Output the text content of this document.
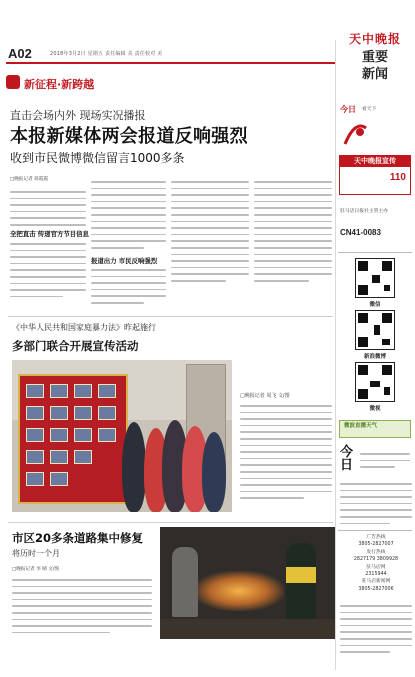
A02	2018年3月2日 星期五 责任编辑 美 责任校对 美
天中晚报
重要
新闻
新征程·新跨越
直击会场内外 现场实况播报
本报新媒体两会报道反响强烈
收到市民微博微信留言1000多条
□晚报记者 蒋霞霞
全把直击 传递官方节目信息
报道出力 市民反响强烈
《中华人民共和国家庭暴力法》昨起施行
多部门联合开展宣传活动
□晚报记者 周飞 文/图
市区20多条道路集中修复
将历时一个月
□晚报记者 李 晴 文/图
今日 看天下
天中晚报宣传
110
驻马店日报社主管主办
CN41-0083
微信
新浪微博
微视
微波直播天气
今日
广告热线
3805-2827007
发行热线
2827179 3809928
驻马店网
2315944
驻马店新闻网
3805-2827006
